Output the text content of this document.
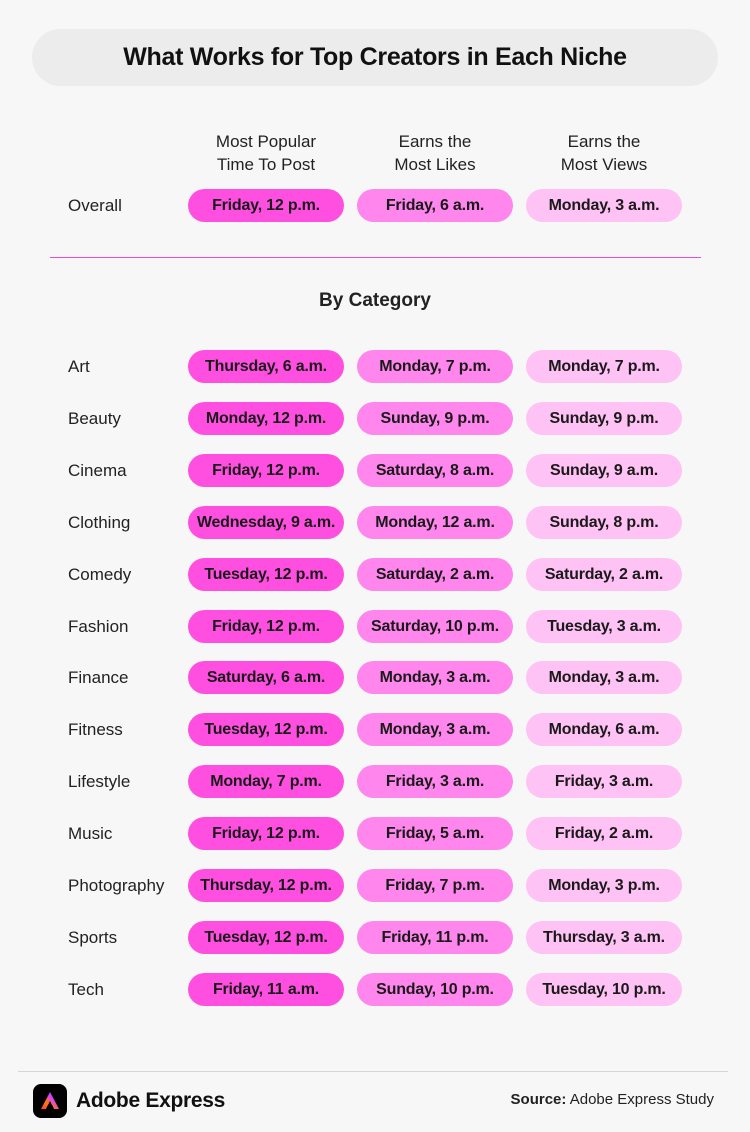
What Works for Top Creators in Each Niche
Most Popular
Time To Post
Earns the
Most Likes
Earns the
Most Views
Overall	Friday, 12 p.m.	Friday, 6 a.m.	Monday, 3 a.m.
By Category
Art	Thursday, 6 a.m.	Monday, 7 p.m.	Monday, 7 p.m.
Beauty	Monday, 12 p.m.	Sunday, 9 p.m.	Sunday, 9 p.m.
Cinema	Friday, 12 p.m.	Saturday, 8 a.m.	Sunday, 9 a.m.
Clothing	Wednesday, 9 a.m.	Monday, 12 a.m.	Sunday, 8 p.m.
Comedy	Tuesday, 12 p.m.	Saturday, 2 a.m.	Saturday, 2 a.m.
Fashion	Friday, 12 p.m.	Saturday, 10 p.m.	Tuesday, 3 a.m.
Finance	Saturday, 6 a.m.	Monday, 3 a.m.	Monday, 3 a.m.
Fitness	Tuesday, 12 p.m.	Monday, 3 a.m.	Monday, 6 a.m.
Lifestyle	Monday, 7 p.m.	Friday, 3 a.m.	Friday, 3 a.m.
Music	Friday, 12 p.m.	Friday, 5 a.m.	Friday, 2 a.m.
Photography	Thursday, 12 p.m.	Friday, 7 p.m.	Monday, 3 p.m.
Sports	Tuesday, 12 p.m.	Friday, 11 p.m.	Thursday, 3 a.m.
Tech	Friday, 11 a.m.	Sunday, 10 p.m.	Tuesday, 10 p.m.
Adobe Express	Source: Adobe Express Study
